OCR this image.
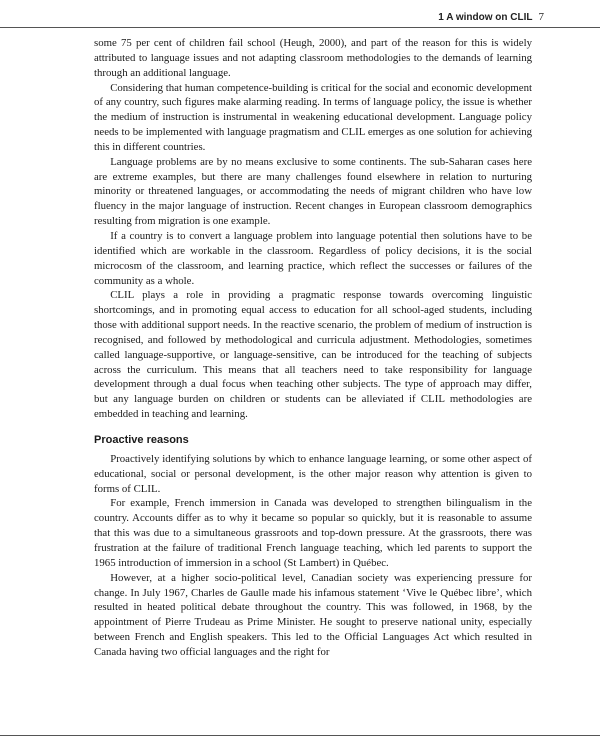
1 A window on CLIL 7

some 75 per cent of children fail school (Heugh, 2000), and part of the reason for this is widely attributed to language issues and not adapting classroom methodologies to the demands of learning through an additional language.

Considering that human competence-building is critical for the social and economic development of any country, such figures make alarming reading. In terms of language policy, the issue is whether the medium of instruction is instrumental in weakening educational development. Language policy needs to be implemented with language pragmatism and CLIL emerges as one solution for achieving this in different countries.

Language problems are by no means exclusive to some continents. The sub-Saharan cases here are extreme examples, but there are many challenges found elsewhere in relation to nurturing minority or threatened languages, or accommodating the needs of migrant children who have low fluency in the major language of instruction. Recent changes in European classroom demographics resulting from migration is one example.

If a country is to convert a language problem into language potential then solutions have to be identified which are workable in the classroom. Regardless of policy decisions, it is the social microcosm of the classroom, and learning practice, which reflect the successes or failures of the community as a whole.

CLIL plays a role in providing a pragmatic response towards overcoming linguistic shortcomings, and in promoting equal access to education for all school-aged students, including those with additional support needs. In the reactive scenario, the problem of medium of instruction is recognised, and followed by methodological and curricula adjustment. Methodologies, sometimes called language-supportive, or language-sensitive, can be introduced for the teaching of subjects across the curriculum. This means that all teachers need to take responsibility for language development through a dual focus when teaching other subjects. The type of approach may differ, but any language burden on children or students can be alleviated if CLIL methodologies are embedded in teaching and learning.

Proactive reasons

Proactively identifying solutions by which to enhance language learning, or some other aspect of educational, social or personal development, is the other major reason why attention is given to forms of CLIL.

For example, French immersion in Canada was developed to strengthen bilingualism in the country. Accounts differ as to why it became so popular so quickly, but it is reasonable to assume that this was due to a simultaneous grassroots and top-down pressure. At the grassroots, there was frustration at the failure of traditional French language teaching, which led parents to support the 1965 introduction of immersion in a school (St Lambert) in Québec.

However, at a higher socio-political level, Canadian society was experiencing pressure for change. In July 1967, Charles de Gaulle made his infamous statement ‘Vive le Québec libre’, which resulted in heated political debate throughout the country. This was followed, in 1968, by the appointment of Pierre Trudeau as Prime Minister. He sought to preserve national unity, especially between French and English speakers. This led to the Official Languages Act which resulted in Canada having two official languages and the right for
